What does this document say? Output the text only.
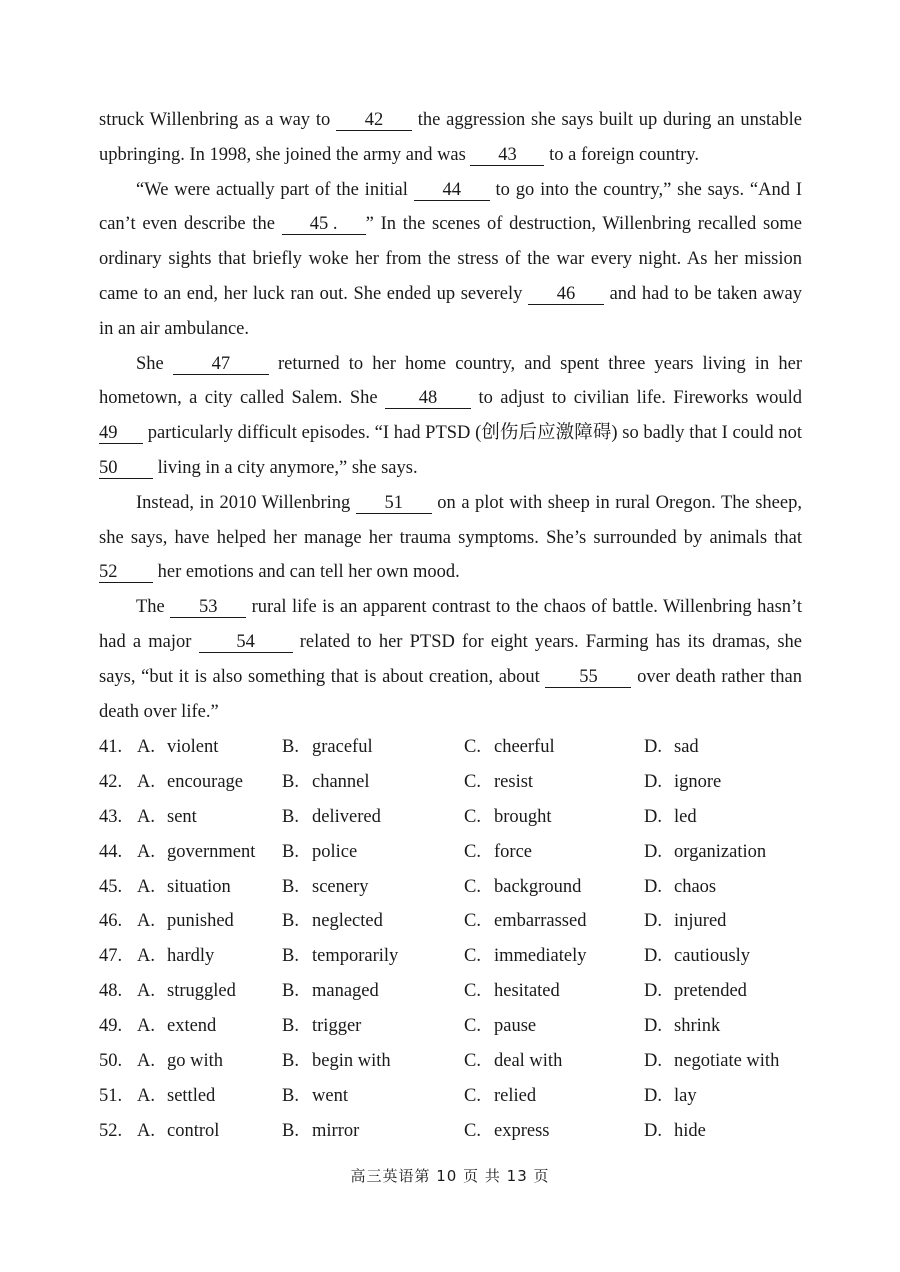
struck Willenbring as a way to 42 the aggression she says built up during an unstable upbringing. In 1998, she joined the army and was 43 to a foreign country.

“We were actually part of the initial 44 to go into the country,” she says. “And I can’t even describe the 45 . ” In the scenes of destruction, Willenbring recalled some ordinary sights that briefly woke her from the stress of the war every night. As her mission came to an end, her luck ran out. She ended up severely 46 and had to be taken away in an air ambulance.

She 47 returned to her home country, and spent three years living in her hometown, a city called Salem. She 48 to adjust to civilian life. Fireworks would 49 particularly difficult episodes. “I had PTSD (创伤后应激障碍) so badly that I could not 50 living in a city anymore,” she says.

Instead, in 2010 Willenbring 51 on a plot with sheep in rural Oregon. The sheep, she says, have helped her manage her trauma symptoms. She’s surrounded by animals that 52 her emotions and can tell her own mood.

The 53 rural life is an apparent contrast to the chaos of battle. Willenbring hasn’t had a major 54 related to her PTSD for eight years. Farming has its dramas, she says, “but it is also something that is about creation, about 55 over death rather than death over life.”

41. A. violent	B. graceful	C. cheerful	D. sad
42. A. encourage B. channel	C. resist	D. ignore
43. A. sent	B. delivered	C. brought	D. led
44. A. government B. police	C. force	D. organization
45. A. situation	B. scenery	C. background	D. chaos
46. A. punished	B. neglected	C. embarrassed	D. injured
47. A. hardly	B. temporarily	C. immediately	D. cautiously
48. A. struggled B. managed	C. hesitated	D. pretended
49. A. extend	B. trigger	C. pause	D. shrink
50. A. go with	B. begin with	C. deal with	D. negotiate with
51. A. settled	B. went	C. relied	D. lay
52. A. control	B. mirror	C. express	D. hide
高三英语第 10 页 共 13 页
